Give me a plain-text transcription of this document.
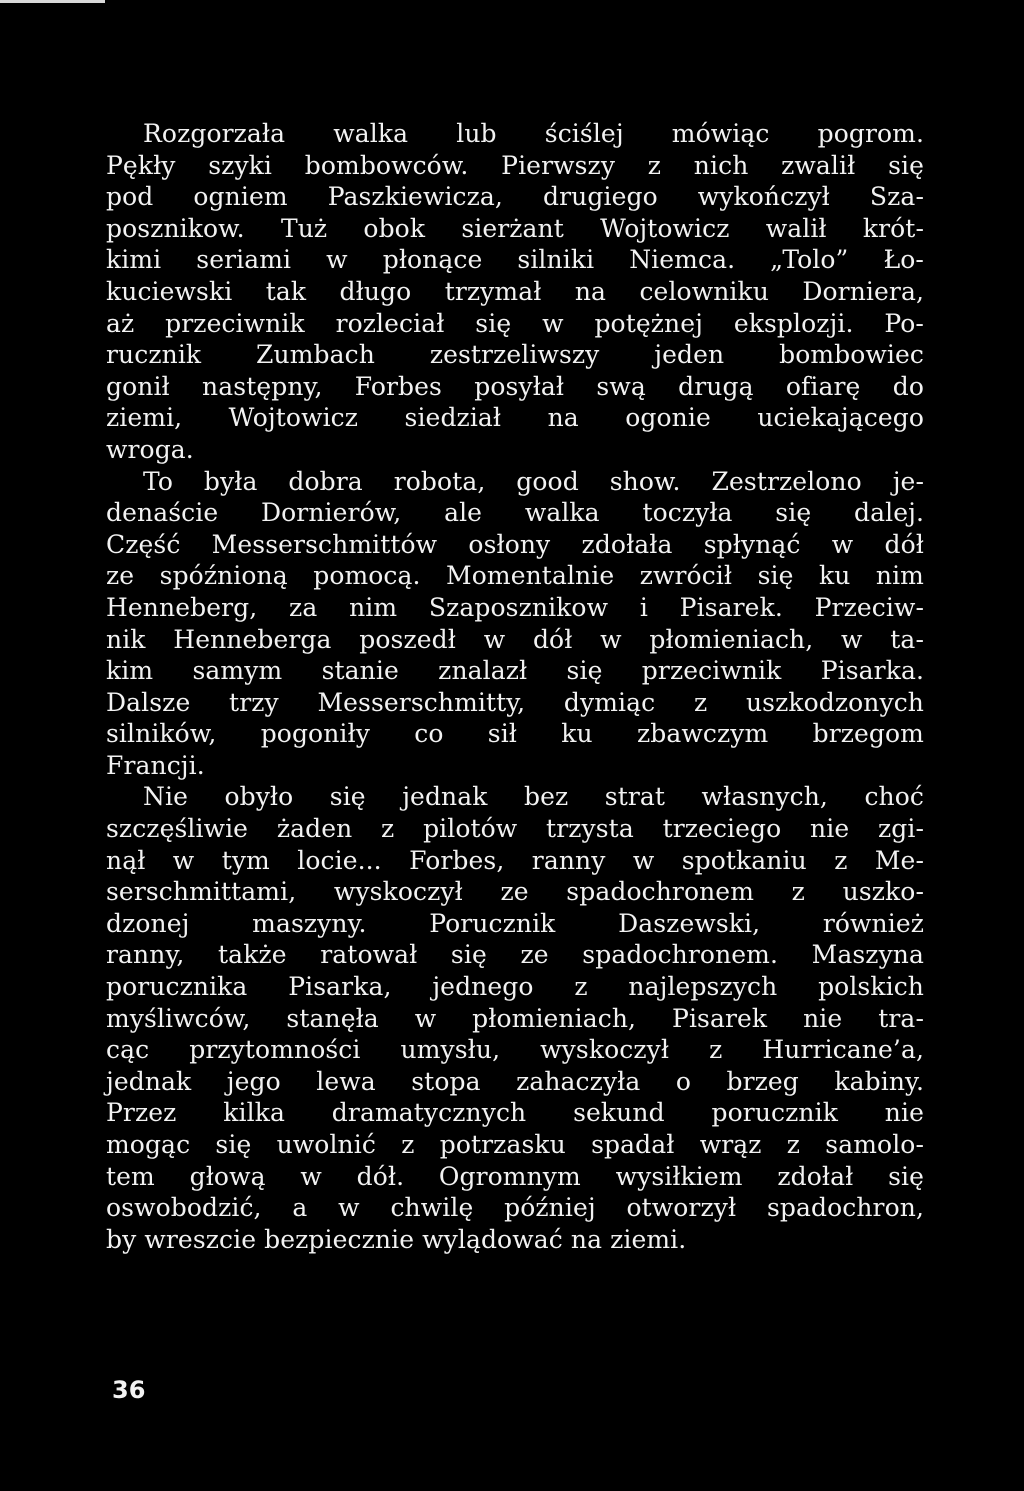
Rozgorzała walka lub ściślej mówiąc pogrom.
Pękły szyki bombowców. Pierwszy z nich zwalił się
pod ogniem Paszkiewicza, drugiego wykończył Sza-
posznikow. Tuż obok sierżant Wojtowicz walił krót-
kimi seriami w płonące silniki Niemca. „Tolo” Ło-
kuciewski tak długo trzymał na celowniku Dorniera,
aż przeciwnik rozleciał się w potężnej eksplozji. Po-
rucznik Zumbach zestrzeliwszy jeden bombowiec
gonił następny, Forbes posyłał swą drugą ofiarę do
ziemi, Wojtowicz siedział na ogonie uciekającego
wroga.

To była dobra robota, good show. Zestrzelono je-
denaście Dornierów, ale walka toczyła się dalej.
Część Messerschmittów osłony zdołała spłynąć w dół
ze spóźnioną pomocą. Momentalnie zwrócił się ku nim
Henneberg, za nim Szaposznikow i Pisarek. Przeciw-
nik Henneberga poszedł w dół w płomieniach, w ta-
kim samym stanie znalazł się przeciwnik Pisarka.
Dalsze trzy Messerschmitty, dymiąc z uszkodzonych
silników, pogoniły co sił ku zbawczym brzegom
Francji.

Nie obyło się jednak bez strat własnych, choć
szczęśliwie żaden z pilotów trzysta trzeciego nie zgi-
nął w tym locie... Forbes, ranny w spotkaniu z Me-
serschmittami, wyskoczył ze spadochronem z uszko-
dzonej maszyny. Porucznik Daszewski, również
ranny, także ratował się ze spadochronem. Maszyna
porucznika Pisarka, jednego z najlepszych polskich
myśliwców, stanęła w płomieniach, Pisarek nie tra-
cąc przytomności umysłu, wyskoczył z Hurricane’a,
jednak jego lewa stopa zahaczyła o brzeg kabiny.
Przez kilka dramatycznych sekund porucznik nie
mogąc się uwolnić z potrzasku spadał wrąz z samolo-
tem głową w dół. Ogromnym wysiłkiem zdołał się
oswobodzić, a w chwilę później otworzył spadochron,
by wreszcie bezpiecznie wylądować na ziemi.

36
